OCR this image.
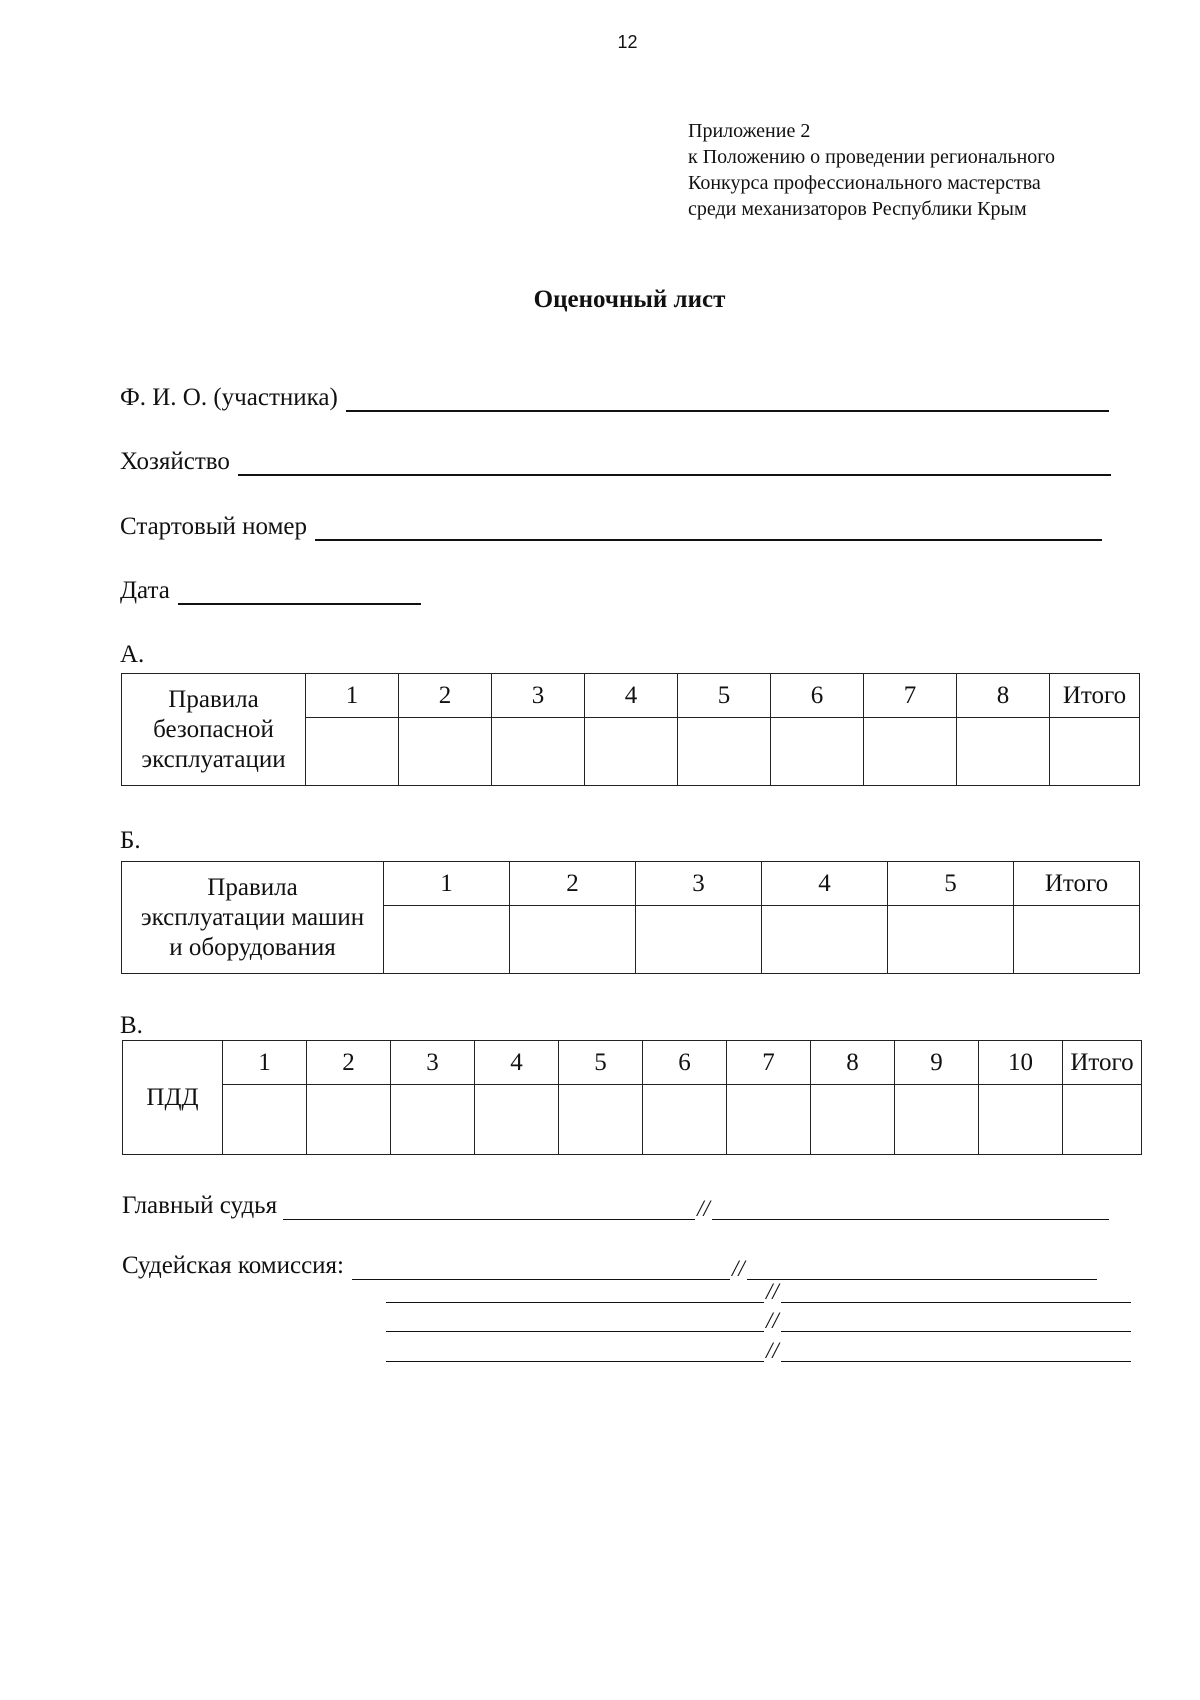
12
Приложение 2
к Положению о проведении регионального
Конкурса профессионального мастерства
среди механизаторов Республики Крым
Оценочный лист
Ф. И. О. (участника)
Хозяйство
Стартовый номер
Дата
А.
Правила
безопасной
эксплуатации	1	2	3	4	5	6	7	8	Итого

Б.
Правила
эксплуатации машин
и оборудования	1	2	3	4	5	Итого

В.
ПДД	1	2	3	4	5	6	7	8	9	10	Итого

Главный судья	//
Судейская комиссия:	//
//
//
//
